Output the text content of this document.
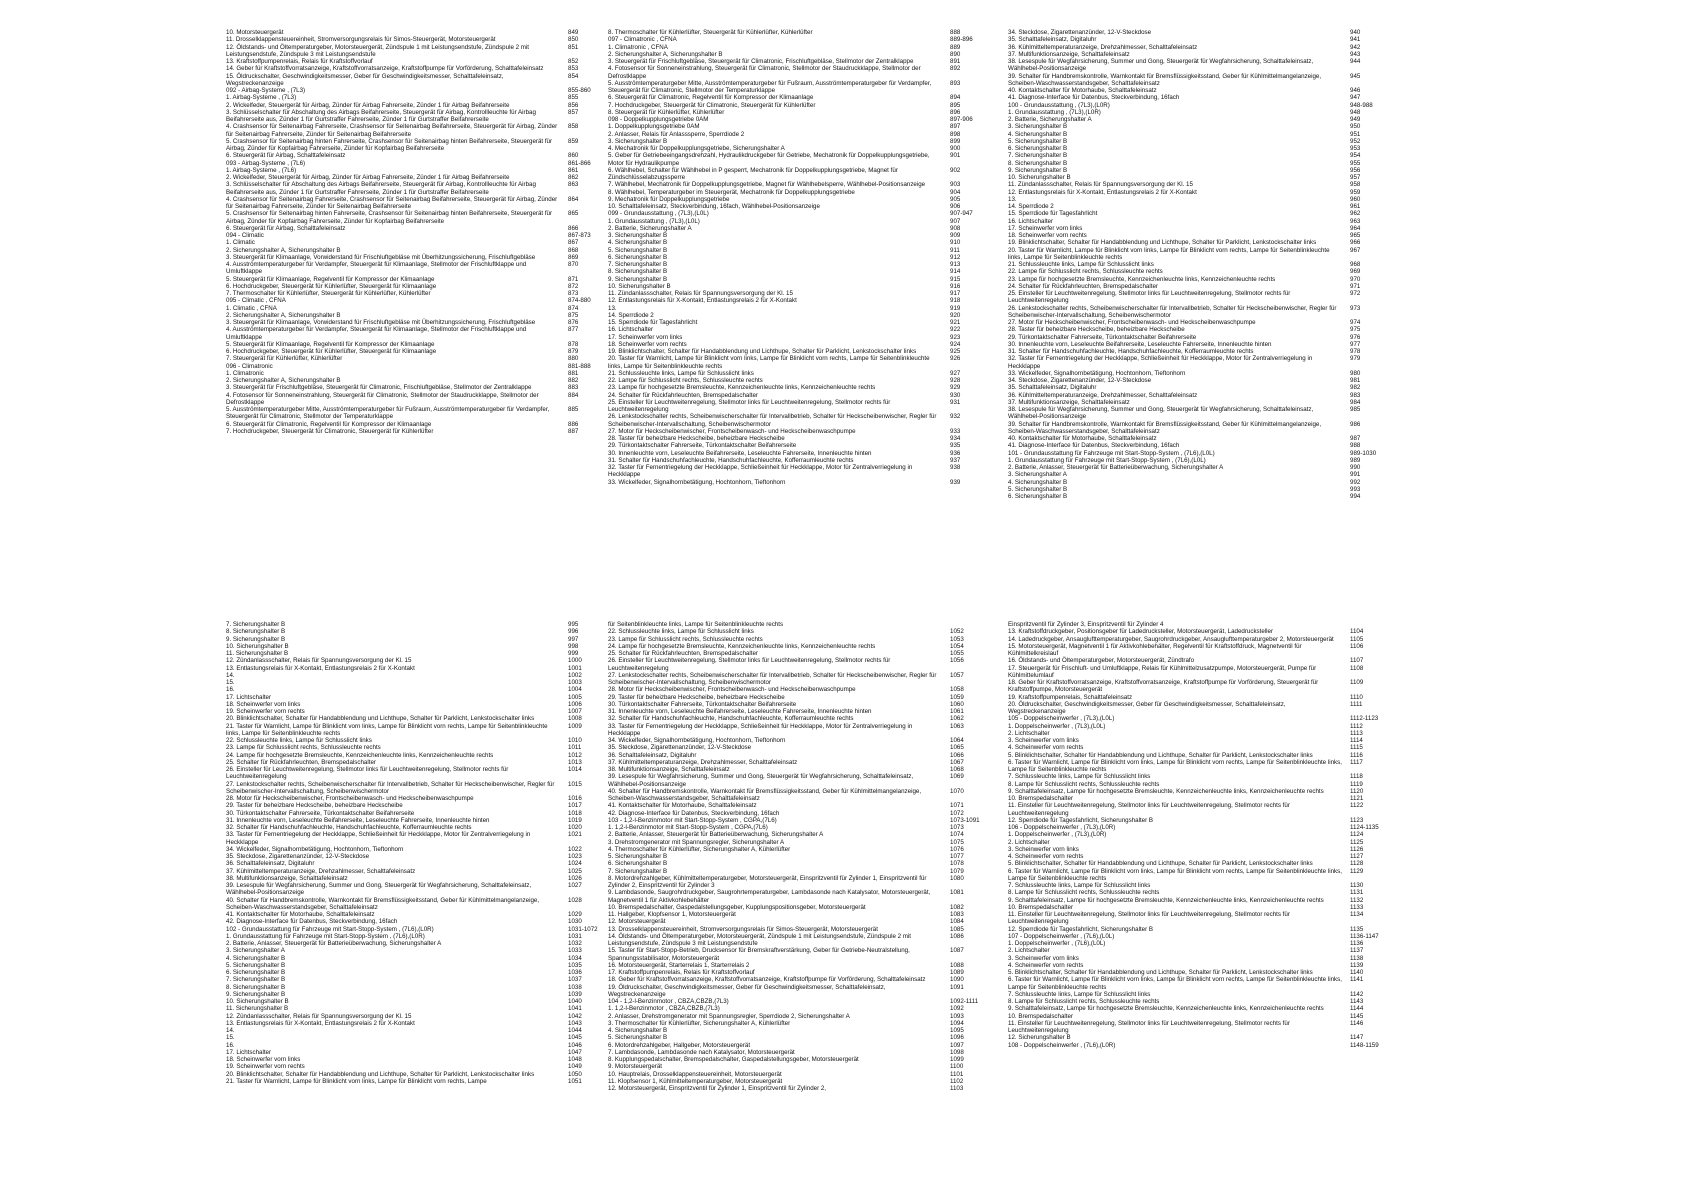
10. Motorsteuergerät	849
11. Drosselklappensteuereinheit, Stromversorgungsrelais für Simos-Steuergerät, Motorsteuergerät	850
12. Öldstands- und Öltemperaturgeber, Motorsteuergerät, Zündspule 1 mit Leistungsendstufe, Zündspule 2 mit Leistungsendstufe, Zündspule 3 mit Leistungsendstufe
851
13. Kraftstoffpumpenrelais, Relais für Kraftstoffvorlauf	852
14. Geber für Kraftstoffvorratsanzeige, Kraftstoffvorratsanzeige, Kraftstoffpumpe für Vorförderung, Schalttafeleinsatz	853
15. Öldruckschalter, Geschwindigkeitsmesser, Geber für Geschwindigkeitsmesser, Schalttafeleinsatz, Wegstreckenanzeige
854
092 - Airbag-Systeme , (7L3)	855-860
1. Airbag-Systeme , (7L3)	855
2. Wickelfeder, Steuergerät für Airbag, Zünder für Airbag Fahrerseite, Zünder 1 für Airbag Beifahrerseite	856
3. Schlüsselschalter für Abschaltung des Airbags Beifahrerseite, Steuergerät für Airbag, Kontrollleuchte für Airbag Beifahrerseite aus, Zünder 1 für Gurtstraffer Fahrerseite, Zünder 1 für Gurtstraffer Beifahrerseite
857
4. Crashsensor für Seitenairbag Fahrerseite, Crashsensor für Seitenairbag Beifahrerseite, Steuergerät für Airbag, Zünder für Seitenairbag Fahrerseite, Zünder für Seitenairbag Beifahrerseite
858
5. Crashsensor für Seitenairbag hinten Fahrerseite, Crashsensor für Seitenairbag hinten Beifahrerseite, Steuergerät für Airbag, Zünder für Kopfairbag Fahrerseite, Zünder für Kopfairbag Beifahrerseite
859
6. Steuergerät für Airbag, Schalttafeleinsatz	860
093 - Airbag-Systeme , (7L6)	861-866
1. Airbag-Systeme , (7L6)	861
2. Wickelfeder, Steuergerät für Airbag, Zünder für Airbag Fahrerseite, Zünder 1 für Airbag Beifahrerseite	862
3. Schlüsselschalter für Abschaltung des Airbags Beifahrerseite, Steuergerät für Airbag, Kontrollleuchte für Airbag Beifahrerseite aus, Zünder 1 für Gurtstraffer Fahrerseite, Zünder 1 für Gurtstraffer Beifahrerseite
863
4. Crashsensor für Seitenairbag Fahrerseite, Crashsensor für Seitenairbag Beifahrerseite, Steuergerät für Airbag, Zünder für Seitenairbag Fahrerseite, Zünder für Seitenairbag Beifahrerseite
864
5. Crashsensor für Seitenairbag hinten Fahrerseite, Crashsensor für Seitenairbag hinten Beifahrerseite, Steuergerät für Airbag, Zünder für Kopfairbag Fahrerseite, Zünder für Kopfairbag Beifahrerseite
865
6. Steuergerät für Airbag, Schalttafeleinsatz	866
094 - Climatic	867-873
1. Climatic	867
2. Sicherungshalter A, Sicherungshalter B	868
3. Steuergerät für Klimaanlage, Vorwiderstand für Frischluftgebläse mit Überhitzungssicherung, Frischluftgebläse	869
4. Ausströmtemperaturgeber für Verdampfer, Steuergerät für Klimaanlage, Stellmotor der Frischluftklappe und Umluftklappe
870
5. Steuergerät für Klimaanlage, Regelventil für Kompressor der Klimaanlage	871
6. Hochdruckgeber, Steuergerät für Kühlerlüfter, Steuergerät für Klimaanlage	872
7. Thermoschalter für Kühlerlüfter, Steuergerät für Kühlerlüfter, Kühlerlüfter	873
095 - Climatic , CFNA	874-880
1. Climatic , CFNA	874
2. Sicherungshalter A, Sicherungshalter B	875
3. Steuergerät für Klimaanlage, Vorwiderstand für Frischluftgebläse mit Überhitzungssicherung, Frischluftgebläse	876
4. Ausströmtemperaturgeber für Verdampfer, Steuergerät für Klimaanlage, Stellmotor der Frischluftklappe und Umluftklappe
877
5. Steuergerät für Klimaanlage, Regelventil für Kompressor der Klimaanlage	878
6. Hochdruckgeber, Steuergerät für Kühlerlüfter, Steuergerät für Klimaanlage	879
7. Steuergerät für Kühlerlüfter, Kühlerlüfter	880
096 - Climatronic	881-888
1. Climatronic	881
2. Sicherungshalter A, Sicherungshalter B	882
3. Steuergerät für Frischluftgebläse, Steuergerät für Climatronic, Frischluftgebläse, Stellmotor der Zentralklappe	883
4. Fotosensor für Sonneneinstrahlung, Steuergerät für Climatronic, Stellmotor der Staudruckklappe, Stellmotor der Defrostklappe
884
5. Ausströmtemperaturgeber Mitte, Ausströmtemperaturgeber für Fußraum, Ausströmtemperaturgeber für Verdampfer, Steuergerät für Climatronic, Stellmotor der Temperaturklappe
885
6. Steuergerät für Climatronic, Regelventil für Kompressor der Klimaanlage	886
7. Hochdruckgeber, Steuergerät für Climatronic, Steuergerät für Kühlerlüfter	887
8. Thermoschalter für Kühlerlüfter, Steuergerät für Kühlerlüfter, Kühlerlüfter	888
097 - Climatronic , CFNA	889-896
1. Climatronic , CFNA	889
2. Sicherungshalter A, Sicherungshalter B	890
3. Steuergerät für Frischluftgebläse, Steuergerät für Climatronic, Frischluftgebläse, Stellmotor der Zentralklappe	891
4. Fotosensor für Sonneneinstrahlung, Steuergerät für Climatronic, Stellmotor der Staudruckklappe, Stellmotor der Defrostklappe
892
5. Ausströmtemperaturgeber Mitte, Ausströmtemperaturgeber für Fußraum, Ausströmtemperaturgeber für Verdampfer, Steuergerät für Climatronic, Stellmotor der Temperaturklappe
893
6. Steuergerät für Climatronic, Regelventil für Kompressor der Klimaanlage	894
7. Hochdruckgeber, Steuergerät für Climatronic, Steuergerät für Kühlerlüfter	895
8. Steuergerät für Kühlerlüfter, Kühlerlüfter	896
098 - Doppelkupplungsgetriebe 0AM	897-906
1. Doppelkupplungsgetriebe 0AM	897
2. Anlasser, Relais für Anlasssperre, Sperrdiode 2	898
3. Sicherungshalter B	899
4. Mechatronik für Doppelkupplungsgetriebe, Sicherungshalter A	900
5. Geber für Getriebeeingangsdrehzahl, Hydraulikdruckgeber für Getriebe, Mechatronik für Doppelkupplungsgetriebe, Motor für Hydraulikpumpe
901
6. Wählhebel, Schalter für Wählhebel in P gesperrt, Mechatronik für Doppelkupplungsgetriebe, Magnet für Zündschlüsselabzugssperre
902
7. Wählhebel, Mechatronik für Doppelkupplungsgetriebe, Magnet für Wählhebelsperre, Wählhebel-Positionsanzeige	903
8. Wählhebel, Temperaturgeber im Steuergerät, Mechatronik für Doppelkupplungsgetriebe	904
9. Mechatronik für Doppelkupplungsgetriebe	905
10. Schalttafeleinsatz, Steckverbindung, 16fach, Wählhebel-Positionsanzeige	906
099 - Grundausstattung , (7L3),(L0L)	907-947
1. Grundausstattung , (7L3),(L0L)	907
2. Batterie, Sicherungshalter A	908
3. Sicherungshalter B	909
4. Sicherungshalter B	910
5. Sicherungshalter B	911
6. Sicherungshalter B	912
7. Sicherungshalter B	913
8. Sicherungshalter B	914
9. Sicherungshalter B	915
10. Sicherungshalter B	916
11. Zündanlassschalter, Relais für Spannungsversorgung der Kl. 15	917
12. Entlastungsrelais für X-Kontakt, Entlastungsrelais 2 für X-Kontakt	918
13.	919
14. Sperrdiode 2	920
15. Sperrdiode für Tagesfahrlicht	921
16. Lichtschalter	922
17. Scheinwerfer vorn links	923
18. Scheinwerfer vorn rechts	924
19. Blinklichtschalter, Schalter für Handabblendung und Lichthupe, Schalter für Parklicht, Lenkstockschalter links	925
20. Taster für Warnlicht, Lampe für Blinklicht vorn links, Lampe für Blinklicht vorn rechts, Lampe für Seitenblinkleuchte links, Lampe für Seitenblinkleuchte rechts
926
21. Schlussleuchte links, Lampe für Schlusslicht links	927
22. Lampe für Schlusslicht rechts, Schlussleuchte rechts	928
23. Lampe für hochgesetzte Bremsleuchte, Kennzeichenleuchte links, Kennzeichenleuchte rechts	929
24. Schalter für Rückfahrleuchten, Bremspedalschalter	930
25. Einsteller für Leuchtweitenregelung, Stellmotor links für Leuchtweitenregelung, Stellmotor rechts für Leuchtweitenregelung
931
26. Lenkstockschalter rechts, Scheibenwischerschalter für Intervallbetrieb, Schalter für Heckscheibenwischer, Regler für Scheibenwischer-Intervallschaltung, Scheibenwischermotor
932
27. Motor für Heckscheibenwischer, Frontscheibenwasch- und Heckscheibenwaschpumpe	933
28. Taster für beheizbare Heckscheibe, beheizbare Heckscheibe	934
29. Türkontaktschalter Fahrerseite, Türkontaktschalter Beifahrerseite	935
30. Innenleuchte vorn, Leseleuchte Beifahrerseite, Leseleuchte Fahrerseite, Innenleuchte hinten	936
31. Schalter für Handschuhfachleuchte, Handschuhfachleuchte, Kofferraumleuchte rechts	937
32. Taster für Fernentriegelung der Heckklappe, Schließeinheit für Heckklappe, Motor für Zentralverriegelung in Heckklappe
938
33. Wickelfeder, Signalhornbetätigung, Hochtonhorn, Tieftonhorn	939
34. Steckdose, Zigarettenanzünder, 12-V-Steckdose	940
35. Schalttafeleinsatz, Digitaluhr	941
36. Kühlmitteltemperaturanzeige, Drehzahlmesser, Schalttafeleinsatz	942
37. Multifunktionsanzeige, Schalttafeleinsatz	943
38. Lesespule für Wegfahrsicherung, Summer und Gong, Steuergerät für Wegfahrsicherung, Schalttafeleinsatz, Wählhebel-Positionsanzeige
944
39. Schalter für Handbremskontrolle, Warnkontakt für Bremsflüssigkeitsstand, Geber für Kühlmittelmangelanzeige, Scheiben-Waschwasserstandsgeber, Schalttafeleinsatz
945
40. Kontaktschalter für Motorhaube, Schalttafeleinsatz	946
41. Diagnose-Interface für Datenbus, Steckverbindung, 16fach	947
100 - Grundausstattung , (7L3),(L0R)	948-988
1. Grundausstattung , (7L3),(L0R)	948
2. Batterie, Sicherungshalter A	949
3. Sicherungshalter B	950
4. Sicherungshalter B	951
5. Sicherungshalter B	952
6. Sicherungshalter B	953
7. Sicherungshalter B	954
8. Sicherungshalter B	955
9. Sicherungshalter B	956
10. Sicherungshalter B	957
11. Zündanlassschalter, Relais für Spannungsversorgung der Kl. 15	958
12. Entlastungsrelais für X-Kontakt, Entlastungsrelais 2 für X-Kontakt	959
13.	960
14. Sperrdiode 2	961
15. Sperrdiode für Tagesfahrlicht	962
16. Lichtschalter	963
17. Scheinwerfer vorn links	964
18. Scheinwerfer vorn rechts	965
19. Blinklichtschalter, Schalter für Handabblendung und Lichthupe, Schalter für Parklicht, Lenkstockschalter links	966
20. Taster für Warnlicht, Lampe für Blinklicht vorn links, Lampe für Blinklicht vorn rechts, Lampe für Seitenblinkleuchte links, Lampe für Seitenblinkleuchte rechts
967
21. Schlussleuchte links, Lampe für Schlusslicht links	968
22. Lampe für Schlusslicht rechts, Schlussleuchte rechts	969
23. Lampe für hochgesetzte Bremsleuchte, Kennzeichenleuchte links, Kennzeichenleuchte rechts	970
24. Schalter für Rückfahrleuchten, Bremspedalschalter	971
25. Einsteller für Leuchtweitenregelung, Stellmotor links für Leuchtweitenregelung, Stellmotor rechts für Leuchtweitenregelung
972
26. Lenkstockschalter rechts, Scheibenwischerschalter für Intervallbetrieb, Schalter für Heckscheibenwischer, Regler für Scheibenwischer-Intervallschaltung, Scheibenwischermotor
973
27. Motor für Heckscheibenwischer, Frontscheibenwasch- und Heckscheibenwaschpumpe	974
28. Taster für beheizbare Heckscheibe, beheizbare Heckscheibe	975
29. Türkontaktschalter Fahrerseite, Türkontaktschalter Beifahrerseite	976
30. Innenleuchte vorn, Leseleuchte Beifahrerseite, Leseleuchte Fahrerseite, Innenleuchte hinten	977
31. Schalter für Handschuhfachleuchte, Handschuhfachleuchte, Kofferraumleuchte rechts	978
32. Taster für Fernentriegelung der Heckklappe, Schließeinheit für Heckklappe, Motor für Zentralverriegelung in Heckklappe
979
33. Wickelfeder, Signalhornbetätigung, Hochtonhorn, Tieftonhorn	980
34. Steckdose, Zigarettenanzünder, 12-V-Steckdose	981
35. Schalttafeleinsatz, Digitaluhr	982
36. Kühlmitteltemperaturanzeige, Drehzahlmesser, Schalttafeleinsatz	983
37. Multifunktionsanzeige, Schalttafeleinsatz	984
38. Lesespule für Wegfahrsicherung, Summer und Gong, Steuergerät für Wegfahrsicherung, Schalttafeleinsatz, Wählhebel-Positionsanzeige
985
39. Schalter für Handbremskontrolle, Warnkontakt für Bremsflüssigkeitsstand, Geber für Kühlmittelmangelanzeige, Scheiben-Waschwasserstandsgeber, Schalttafeleinsatz
986
40. Kontaktschalter für Motorhaube, Schalttafeleinsatz	987
41. Diagnose-Interface für Datenbus, Steckverbindung, 16fach	988
101 - Grundausstattung für Fahrzeuge mit Start-Stopp-System , (7L6),(L0L)	989-1030
1. Grundausstattung für Fahrzeuge mit Start-Stopp-System , (7L6),(L0L)	989
2. Batterie, Anlasser, Steuergerät für Batterieüberwachung, Sicherungshalter A	990
3. Sicherungshalter A	991
4. Sicherungshalter B	992
5. Sicherungshalter B	993
6. Sicherungshalter B	994
7. Sicherungshalter B	995
8. Sicherungshalter B	996
9. Sicherungshalter B	997
10. Sicherungshalter B	998
11. Sicherungshalter B	999
12. Zündanlassschalter, Relais für Spannungsversorgung der Kl. 15	1000
13. Entlastungsrelais für X-Kontakt, Entlastungsrelais 2 für X-Kontakt	1001
14.	1002
15.	1003
16.	1004
17. Lichtschalter	1005
18. Scheinwerfer vorn links	1006
19. Scheinwerfer vorn rechts	1007
20. Blinklichtschalter, Schalter für Handabblendung und Lichthupe, Schalter für Parklicht, Lenkstockschalter links	1008
21. Taster für Warnlicht, Lampe für Blinklicht vorn links, Lampe für Blinklicht vorn rechts, Lampe für Seitenblinkleuchte links, Lampe für Seitenblinkleuchte rechts
1009
22. Schlussleuchte links, Lampe für Schlusslicht links	1010
23. Lampe für Schlusslicht rechts, Schlussleuchte rechts	1011
24. Lampe für hochgesetzte Bremsleuchte, Kennzeichenleuchte links, Kennzeichenleuchte rechts	1012
25. Schalter für Rückfahrleuchten, Bremspedalschalter	1013
26. Einsteller für Leuchtweitenregelung, Stellmotor links für Leuchtweitenregelung, Stellmotor rechts für Leuchtweitenregelung
1014
27. Lenkstockschalter rechts, Scheibenwischerschalter für Intervallbetrieb, Schalter für Heckscheibenwischer, Regler für Scheibenwischer-Intervallschaltung, Scheibenwischermotor
1015
28. Motor für Heckscheibenwischer, Frontscheibenwasch- und Heckscheibenwaschpumpe	1016
29. Taster für beheizbare Heckscheibe, beheizbare Heckscheibe	1017
30. Türkontaktschalter Fahrerseite, Türkontaktschalter Beifahrerseite	1018
31. Innenleuchte vorn, Leseleuchte Beifahrerseite, Leseleuchte Fahrerseite, Innenleuchte hinten	1019
32. Schalter für Handschuhfachleuchte, Handschuhfachleuchte, Kofferraumleuchte rechts	1020
33. Taster für Fernentriegelung der Heckklappe, Schließeinheit für Heckklappe, Motor für Zentralverriegelung in Heckklappe
1021
34. Wickelfeder, Signalhornbetätigung, Hochtonhorn, Tieftonhorn	1022
35. Steckdose, Zigarettenanzünder, 12-V-Steckdose	1023
36. Schalttafeleinsatz, Digitaluhr	1024
37. Kühlmitteltemperaturanzeige, Drehzahlmesser, Schalttafeleinsatz	1025
38. Multifunktionsanzeige, Schalttafeleinsatz	1026
39. Lesespule für Wegfahrsicherung, Summer und Gong, Steuergerät für Wegfahrsicherung, Schalttafeleinsatz, Wählhebel-Positionsanzeige
1027
40. Schalter für Handbremskontrolle, Warnkontakt für Bremsflüssigkeitsstand, Geber für Kühlmittelmangelanzeige, Scheiben-Waschwasserstandsgeber, Schalttafeleinsatz
1028
41. Kontaktschalter für Motorhaube, Schalttafeleinsatz	1029
42. Diagnose-Interface für Datenbus, Steckverbindung, 16fach	1030
102 - Grundausstattung für Fahrzeuge mit Start-Stopp-System , (7L6),(L0R)	1031-1072
1. Grundausstattung für Fahrzeuge mit Start-Stopp-System , (7L6),(L0R)	1031
2. Batterie, Anlasser, Steuergerät für Batterieüberwachung, Sicherungshalter A	1032
3. Sicherungshalter A	1033
4. Sicherungshalter B	1034
5. Sicherungshalter B	1035
6. Sicherungshalter B	1036
7. Sicherungshalter B	1037
8. Sicherungshalter B	1038
9. Sicherungshalter B	1039
10. Sicherungshalter B	1040
11. Sicherungshalter B	1041
12. Zündanlassschalter, Relais für Spannungsversorgung der Kl. 15	1042
13. Entlastungsrelais für X-Kontakt, Entlastungsrelais 2 für X-Kontakt	1043
14.	1044
15.	1045
16.	1046
17. Lichtschalter	1047
18. Scheinwerfer vorn links	1048
19. Scheinwerfer vorn rechts	1049
20. Blinklichtschalter, Schalter für Handabblendung und Lichthupe, Schalter für Parklicht, Lenkstockschalter links	1050
21. Taster für Warnlicht, Lampe für Blinklicht vorn links, Lampe für Blinklicht vorn rechts, Lampe	1051
für Seitenblinkleuchte links, Lampe für Seitenblinkleuchte rechts
22. Schlussleuchte links, Lampe für Schlusslicht links	1052
23. Lampe für Schlusslicht rechts, Schlussleuchte rechts	1053
24. Lampe für hochgesetzte Bremsleuchte, Kennzeichenleuchte links, Kennzeichenleuchte rechts	1054
25. Schalter für Rückfahrleuchten, Bremspedalschalter	1055
26. Einsteller für Leuchtweitenregelung, Stellmotor links für Leuchtweitenregelung, Stellmotor rechts für Leuchtweitenregelung
1056
27. Lenkstockschalter rechts, Scheibenwischerschalter für Intervallbetrieb, Schalter für Heckscheibenwischer, Regler für Scheibenwischer-Intervallschaltung, Scheibenwischermotor
1057
28. Motor für Heckscheibenwischer, Frontscheibenwasch- und Heckscheibenwaschpumpe	1058
29. Taster für beheizbare Heckscheibe, beheizbare Heckscheibe	1059
30. Türkontaktschalter Fahrerseite, Türkontaktschalter Beifahrerseite	1060
31. Innenleuchte vorn, Leseleuchte Beifahrerseite, Leseleuchte Fahrerseite, Innenleuchte hinten	1061
32. Schalter für Handschuhfachleuchte, Handschuhfachleuchte, Kofferraumleuchte rechts	1062
33. Taster für Fernentriegelung der Heckklappe, Schließeinheit für Heckklappe, Motor für Zentralverriegelung in Heckklappe
1063
34. Wickelfeder, Signalhornbetätigung, Hochtonhorn, Tieftonhorn	1064
35. Steckdose, Zigarettenanzünder, 12-V-Steckdose	1065
36. Schalttafeleinsatz, Digitaluhr	1066
37. Kühlmitteltemperaturanzeige, Drehzahlmesser, Schalttafeleinsatz	1067
38. Multifunktionsanzeige, Schalttafeleinsatz	1068
39. Lesespule für Wegfahrsicherung, Summer und Gong, Steuergerät für Wegfahrsicherung, Schalttafeleinsatz, Wählhebel-Positionsanzeige
1069
40. Schalter für Handbremskontrolle, Warnkontakt für Bremsflüssigkeitsstand, Geber für Kühlmittelmangelanzeige, Scheiben-Waschwasserstandsgeber, Schalttafeleinsatz
1070
41. Kontaktschalter für Motorhaube, Schalttafeleinsatz	1071
42. Diagnose-Interface für Datenbus, Steckverbindung, 16fach	1072
103 - 1,2-l-Benzinmotor mit Start-Stopp-System , CGPA,(7L6)	1073-1091
1. 1,2-l-Benzinmotor mit Start-Stopp-System , CGPA,(7L6)	1073
2. Batterie, Anlasser, Steuergerät für Batterieüberwachung, Sicherungshalter A	1074
3. Drehstromgenerator mit Spannungsregler, Sicherungshalter A	1075
4. Thermoschalter für Kühlerlüfter, Sicherungshalter A, Kühlerlüfter	1076
5. Sicherungshalter B	1077
6. Sicherungshalter B	1078
7. Sicherungshalter B	1079
8. Motordrehzahlgeber, Kühlmitteltemperaturgeber, Motorsteuergerät, Einspritzventil für Zylinder 1, Einspritzventil für Zylinder 2, Einspritzventil für Zylinder 3
1080
9. Lambdasonde, Saugrohrdruckgeber, Saugrohrtemperaturgeber, Lambdasonde nach Katalysator, Motorsteuergerät, Magnetventil 1 für Aktivkohlebehälter
1081
10. Bremspedalschalter, Gaspedalstellungsgeber, Kupplungspositionsgeber, Motorsteuergerät	1082
11. Hallgeber, Klopfsensor 1, Motorsteuergerät	1083
12. Motorsteuergerät	1084
13. Drosselklappensteuereinheit, Stromversorgungsrelais für Simos-Steuergerät, Motorsteuergerät	1085
14. Öldstands- und Öltemperaturgeber, Motorsteuergerät, Zündspule 1 mit Leistungsendstufe, Zündspule 2 mit Leistungsendstufe, Zündspule 3 mit Leistungsendstufe
1086
15. Taster für Start-Stopp-Betrieb, Drucksensor für Bremskraftverstärkung, Geber für Getriebe-Neutralstellung, Spannungsstabilisator, Motorsteuergerät
1087
16. Motorsteuergerät, Starterrelais 1, Starterrelais 2	1088
17. Kraftstoffpumpenrelais, Relais für Kraftstoffvorlauf	1089
18. Geber für Kraftstoffvorratsanzeige, Kraftstoffvorratsanzeige, Kraftstoffpumpe für Vorförderung, Schalttafeleinsatz	1090
19. Öldruckschalter, Geschwindigkeitsmesser, Geber für Geschwindigkeitsmesser, Schalttafeleinsatz, Wegstreckenanzeige
1091
104 - 1,2-l-Benzinmotor , CBZA,CBZB,(7L3)	1092-1111
1. 1,2-l-Benzinmotor , CBZA,CBZB,(7L3)	1092
2. Anlasser, Drehstromgenerator mit Spannungsregler, Sperrdiode 2, Sicherungshalter A	1093
3. Thermoschalter für Kühlerlüfter, Sicherungshalter A, Kühlerlüfter	1094
4. Sicherungshalter B	1095
5. Sicherungshalter B	1096
6. Motordrehzahlgeber, Hallgeber, Motorsteuergerät	1097
7. Lambdasonde, Lambdasonde nach Katalysator, Motorsteuergerät	1098
8. Kupplungspedalschalter, Bremspedalschalter, Gaspedalstellungsgeber, Motorsteuergerät	1099
9. Motorsteuergerät	1100
10. Hauptrelais, Drosselklappensteuereinheit, Motorsteuergerät	1101
11. Klopfsensor 1, Kühlmitteltemperaturgeber, Motorsteuergerät	1102
12. Motorsteuergerät, Einspritzventil für Zylinder 1, Einspritzventil für Zylinder 2,	1103
Einspritzventil für Zylinder 3, Einspritzventil für Zylinder 4
13. Kraftstoffdruckgeber, Positionsgeber für Ladedrucksteller, Motorsteuergerät, Ladedrucksteller	1104
14. Ladedruckgeber, Ansauglufttemperaturgeber, Saugrohrdruckgeber, Ansauglufttemperaturgeber 2, Motorsteuergerät	1105
15. Motorsteuergerät, Magnetventil 1 für Aktivkohlebehälter, Regelventil für Kraftstoffdruck, Magnetventil für Kühlmittelkreislauf
1106
16. Öldstands- und Öltemperaturgeber, Motorsteuergerät, Zündtrafo	1107
17. Steuergerät für Frischluft- und Umluftklappe, Relais für Kühlmittelzusatzpumpe, Motorsteuergerät, Pumpe für Kühlmittelumlauf
1108
18. Geber für Kraftstoffvorratsanzeige, Kraftstoffvorratsanzeige, Kraftstoffpumpe für Vorförderung, Steuergerät für Kraftstoffpumpe, Motorsteuergerät
1109
19. Kraftstoffpumpenrelais, Schalttafeleinsatz	1110
20. Öldruckschalter, Geschwindigkeitsmesser, Geber für Geschwindigkeitsmesser, Schalttafeleinsatz, Wegstreckenanzeige
1111
105 - Doppelscheinwerfer , (7L3),(L0L)	1112-1123
1. Doppelscheinwerfer , (7L3),(L0L)	1112
2. Lichtschalter	1113
3. Scheinwerfer vorn links	1114
4. Scheinwerfer vorn rechts	1115
5. Blinklichtschalter, Schalter für Handabblendung und Lichthupe, Schalter für Parklicht, Lenkstockschalter links	1116
6. Taster für Warnlicht, Lampe für Blinklicht vorn links, Lampe für Blinklicht vorn rechts, Lampe für Seitenblinkleuchte links, Lampe für Seitenblinkleuchte rechts
1117
7. Schlussleuchte links, Lampe für Schlusslicht links	1118
8. Lampe für Schlusslicht rechts, Schlussleuchte rechts	1119
9. Schalttafeleinsatz, Lampe für hochgesetzte Bremsleuchte, Kennzeichenleuchte links, Kennzeichenleuchte rechts	1120
10. Bremspedalschalter	1121
11. Einsteller für Leuchtweitenregelung, Stellmotor links für Leuchtweitenregelung, Stellmotor rechts für Leuchtweitenregelung
1122
12. Sperrdiode für Tagesfahrlicht, Sicherungshalter B	1123
106 - Doppelscheinwerfer , (7L3),(L0R)	1124-1135
1. Doppelscheinwerfer , (7L3),(L0R)	1124
2. Lichtschalter	1125
3. Scheinwerfer vorn links	1126
4. Scheinwerfer vorn rechts	1127
5. Blinklichtschalter, Schalter für Handabblendung und Lichthupe, Schalter für Parklicht, Lenkstockschalter links	1128
6. Taster für Warnlicht, Lampe für Blinklicht vorn links, Lampe für Blinklicht vorn rechts, Lampe für Seitenblinkleuchte links, Lampe für Seitenblinkleuchte rechts
1129
7. Schlussleuchte links, Lampe für Schlusslicht links	1130
8. Lampe für Schlusslicht rechts, Schlussleuchte rechts	1131
9. Schalttafeleinsatz, Lampe für hochgesetzte Bremsleuchte, Kennzeichenleuchte links, Kennzeichenleuchte rechts	1132
10. Bremspedalschalter	1133
11. Einsteller für Leuchtweitenregelung, Stellmotor links für Leuchtweitenregelung, Stellmotor rechts für Leuchtweitenregelung
1134
12. Sperrdiode für Tagesfahrlicht, Sicherungshalter B	1135
107 - Doppelscheinwerfer , (7L6),(L0L)	1136-1147
1. Doppelscheinwerfer , (7L6),(L0L)	1136
2. Lichtschalter	1137
3. Scheinwerfer vorn links	1138
4. Scheinwerfer vorn rechts	1139
5. Blinklichtschalter, Schalter für Handabblendung und Lichthupe, Schalter für Parklicht, Lenkstockschalter links	1140
6. Taster für Warnlicht, Lampe für Blinklicht vorn links, Lampe für Blinklicht vorn rechts, Lampe für Seitenblinkleuchte links, Lampe für Seitenblinkleuchte rechts
1141
7. Schlussleuchte links, Lampe für Schlusslicht links	1142
8. Lampe für Schlusslicht rechts, Schlussleuchte rechts	1143
9. Schalttafeleinsatz, Lampe für hochgesetzte Bremsleuchte, Kennzeichenleuchte links, Kennzeichenleuchte rechts	1144
10. Bremspedalschalter	1145
11. Einsteller für Leuchtweitenregelung, Stellmotor links für Leuchtweitenregelung, Stellmotor rechts für Leuchtweitenregelung
1146
12. Sicherungshalter B	1147
108 - Doppelscheinwerfer , (7L6),(L0R)	1148-1159
